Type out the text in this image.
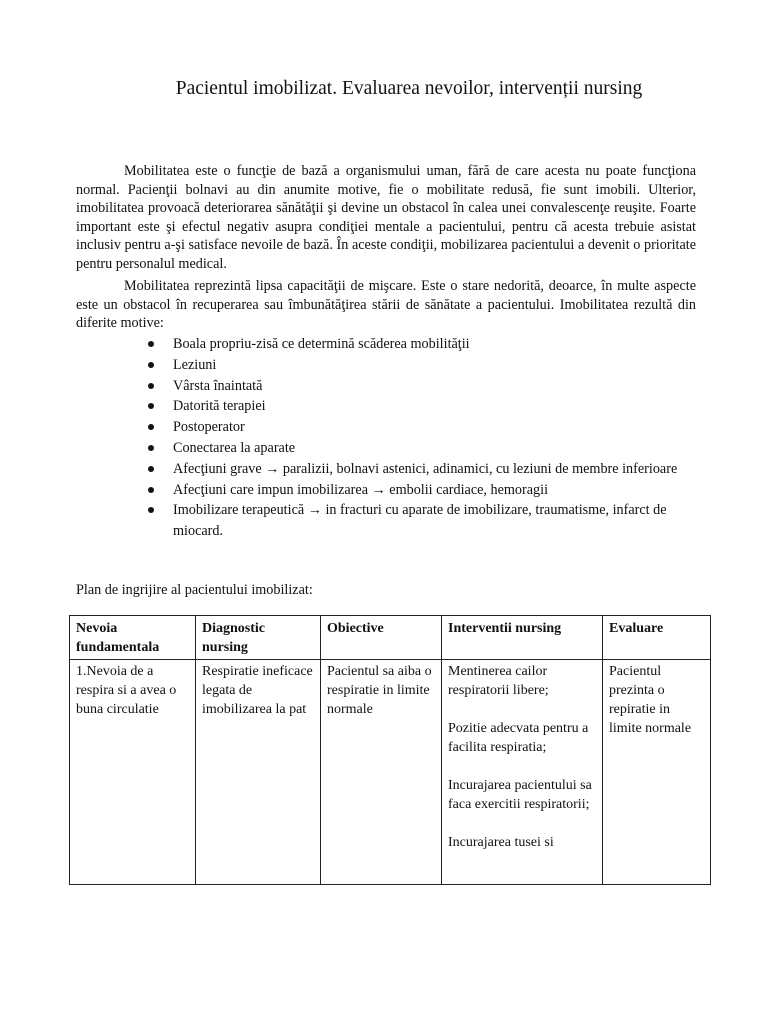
Pacientul imobilizat. Evaluarea nevoilor, intervenții nursing

Mobilitatea este o funcţie de bază a organismului uman, fără de care acesta nu poate funcţiona normal. Pacienţii bolnavi au din anumite motive, fie o mobilitate redusă, fie sunt imobili. Ulterior, imobilitatea provoacă deteriorarea sănătăţii şi devine un obstacol în calea unei convalescenţe reuşite. Foarte important este şi efectul negativ asupra condiţiei mentale a pacientului, pentru că acesta trebuie asistat inclusiv pentru a-şi satisface nevoile de bază. În aceste condiţii, mobilizarea pacientului a devenit o prioritate pentru personalul medical.

Mobilitatea reprezintă lipsa capacităţii de mişcare. Este o stare nedorită, deoarce, în multe aspecte este un obstacol în recuperarea sau îmbunătăţirea stării de sănătate a pacientului. Imobilitatea rezultă din diferite motive:

Boala propriu-zisă ce determină scăderea mobilităţii
Leziuni
Vârsta înaintată
Datorită terapiei
Postoperator
Conectarea la aparate
Afecţiuni grave → paralizii, bolnavi astenici, adinamici, cu leziuni de membre inferioare
Afecţiuni care impun imobilizarea → embolii cardiace, hemoragii
Imobilizare terapeutică → in fracturi cu aparate de imobilizare, traumatisme, infarct de miocard.

Plan de ingrijire al pacientului imobilizat:

Nevoia fundamentala	Diagnostic nursing	Obiective	Interventii nursing	Evaluare
1.Nevoia de a respira si a avea o buna circulatie	Respiratie ineficace legata de imobilizarea la pat	Pacientul sa aiba o respiratie in limite normale	Mentinerea cailor respiratorii libere;
Pozitie adecvata pentru a facilita respiratia;
Incurajarea pacientului sa faca exercitii respiratorii;
Incurajarea tusei si	Pacientul prezinta o repiratie in limite normale
